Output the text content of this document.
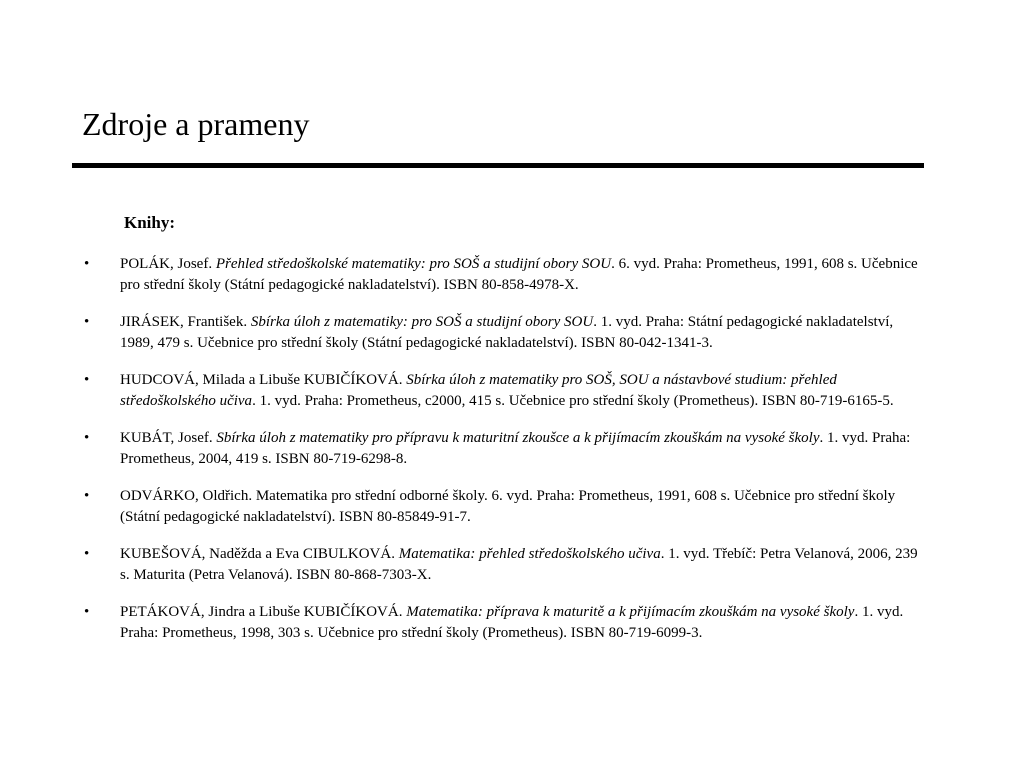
Zdroje a prameny
Knihy:
• POLÁK, Josef. Přehled středoškolské matematiky: pro SOŠ a studijní obory SOU. 6. vyd. Praha: Prometheus, 1991, 608 s. Učebnice pro střední školy (Státní pedagogické nakladatelství). ISBN 80-858-4978-X.
• JIRÁSEK, František. Sbírka úloh z matematiky: pro SOŠ a studijní obory SOU. 1. vyd. Praha: Státní pedagogické nakladatelství, 1989, 479 s. Učebnice pro střední školy (Státní pedagogické nakladatelství). ISBN 80-042-1341-3.
• HUDCOVÁ, Milada a Libuše KUBIČÍKOVÁ. Sbírka úloh z matematiky pro SOŠ, SOU a nástavbové studium: přehled středoškolského učiva. 1. vyd. Praha: Prometheus, c2000, 415 s. Učebnice pro střední školy (Prometheus). ISBN 80-719-6165-5.
• KUBÁT, Josef. Sbírka úloh z matematiky pro přípravu k maturitní zkoušce a k přijímacím zkouškám na vysoké školy. 1. vyd. Praha: Prometheus, 2004, 419 s. ISBN 80-719-6298-8.
• ODVÁRKO, Oldřich. Matematika pro střední odborné školy. 6. vyd. Praha: Prometheus, 1991, 608 s. Učebnice pro střední školy (Státní pedagogické nakladatelství). ISBN 80-85849-91-7.
• KUBEŠOVÁ, Naděžda a Eva CIBULKOVÁ. Matematika: přehled středoškolského učiva. 1. vyd. Třebíč: Petra Velanová, 2006, 239 s. Maturita (Petra Velanová). ISBN 80-868-7303-X.
• PETÁKOVÁ, Jindra a Libuše KUBIČÍKOVÁ. Matematika: příprava k maturitě a k přijímacím zkouškám na vysoké školy. 1. vyd. Praha: Prometheus, 1998, 303 s. Učebnice pro střední školy (Prometheus). ISBN 80-719-6099-3.
